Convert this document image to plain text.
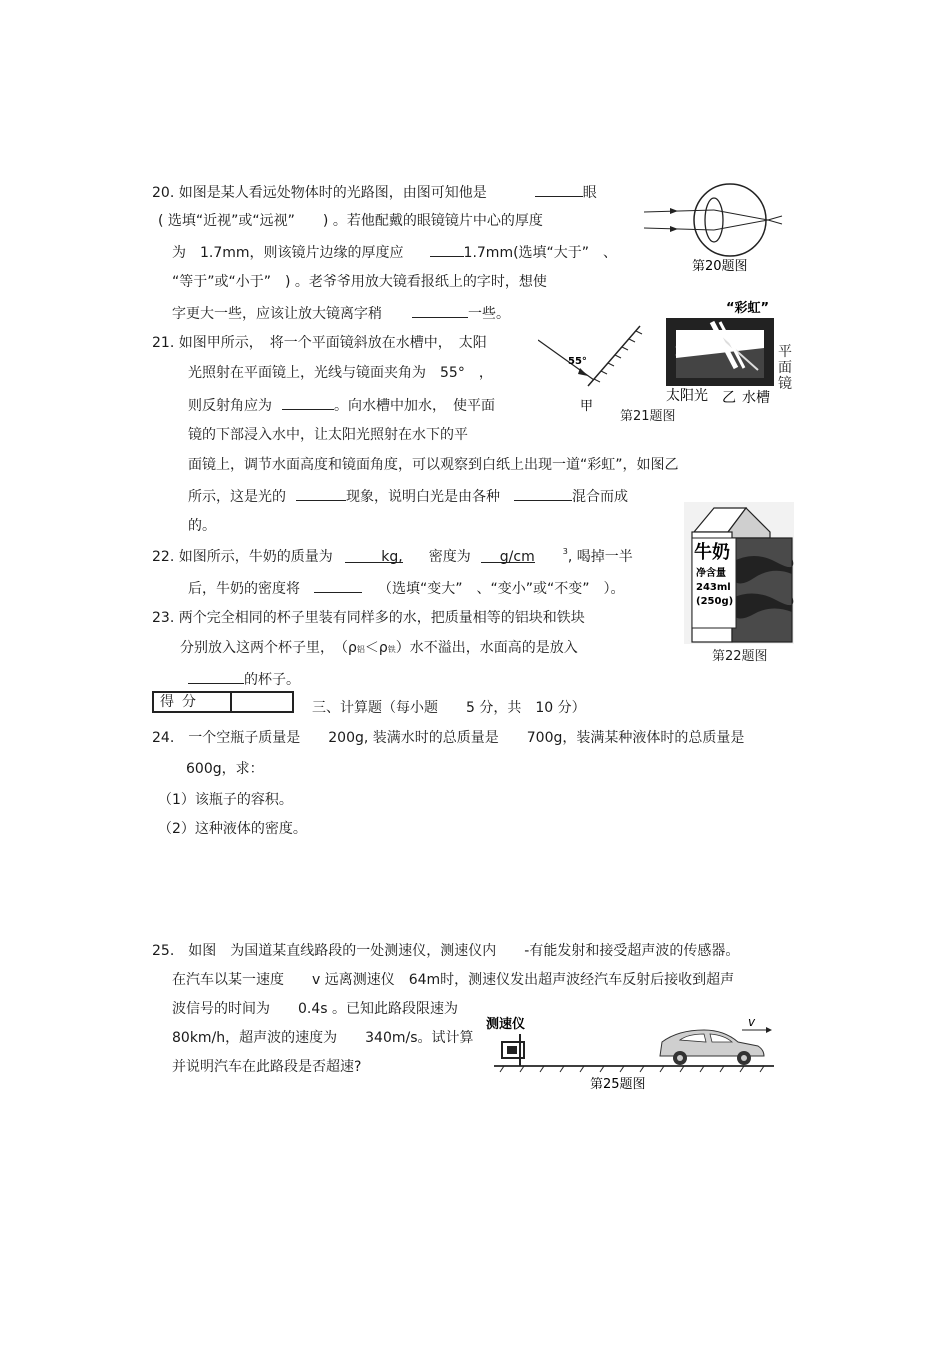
20. 如图是某人看远处物体时的光路图，由图可知他是	眼
( 选填“近视”或“远视”　　) 。若他配戴的眼镜镜片中心的厚度
为　1.7mm，则该镜片边缘的厚度应	1.7mm(选填“大于”　、
“等于”或“小于”　) 。老爷爷用放大镜看报纸上的字时，想使
字更大一些，应该让放大镜离字稍	一些。
第20题图
21. 如图甲所示，　将一个平面镜斜放在水槽中，　太阳
光照射在平面镜上，光线与镜面夹角为　55°　，
则反射角应为	。向水槽中加水，　使平面
镜的下部浸入水中，让太阳光照射在水下的平
面镜上，调节水面高度和镜面角度，可以观察到白纸上出现一道“彩虹”，如图乙
所示，这是光的	现象，说明白光是由各种	混合而成
的。
55°
甲
“彩虹”
太阳光 乙 水槽
平
面
镜
第21题图
22. 如图所示，牛奶的质量为	kg, 密度为 g/cm	$^3$, 喝掉一半
后，牛奶的密度将	（选填“变大”　、“变小”或“不变”　）。
牛奶
净含量
243ml
(250g)
第22题图
23. 两个完全相同的杯子里装有同样多的水，把质量相等的铝块和铁块
分别放入这两个杯子里，　（ρ铝＜ρ铁）水不溢出，水面高的是放入
的杯子。
得分	三、计算题（每小题　　5 分，共　10 分）
24.　一个空瓶子质量是　　200g, 装满水时的总质量是　　700g，装满某种液体时的总质量是
600g，求：
（1）该瓶子的容积。
（2）这种液体的密度。
25.　如图　为国道某直线路段的一处测速仪，测速仪内　　-有能发射和接受超声波的传感器。
在汽车以某一速度　　v 远离测速仪　64m时，测速仪发出超声波经汽车反射后接收到超声
波信号的时间为　　0.4s 。已知此路段限速为
80km/h，超声波的速度为　　340m/s。试计算
并说明汽车在此路段是否超速?
测速仪	v
第25题图
